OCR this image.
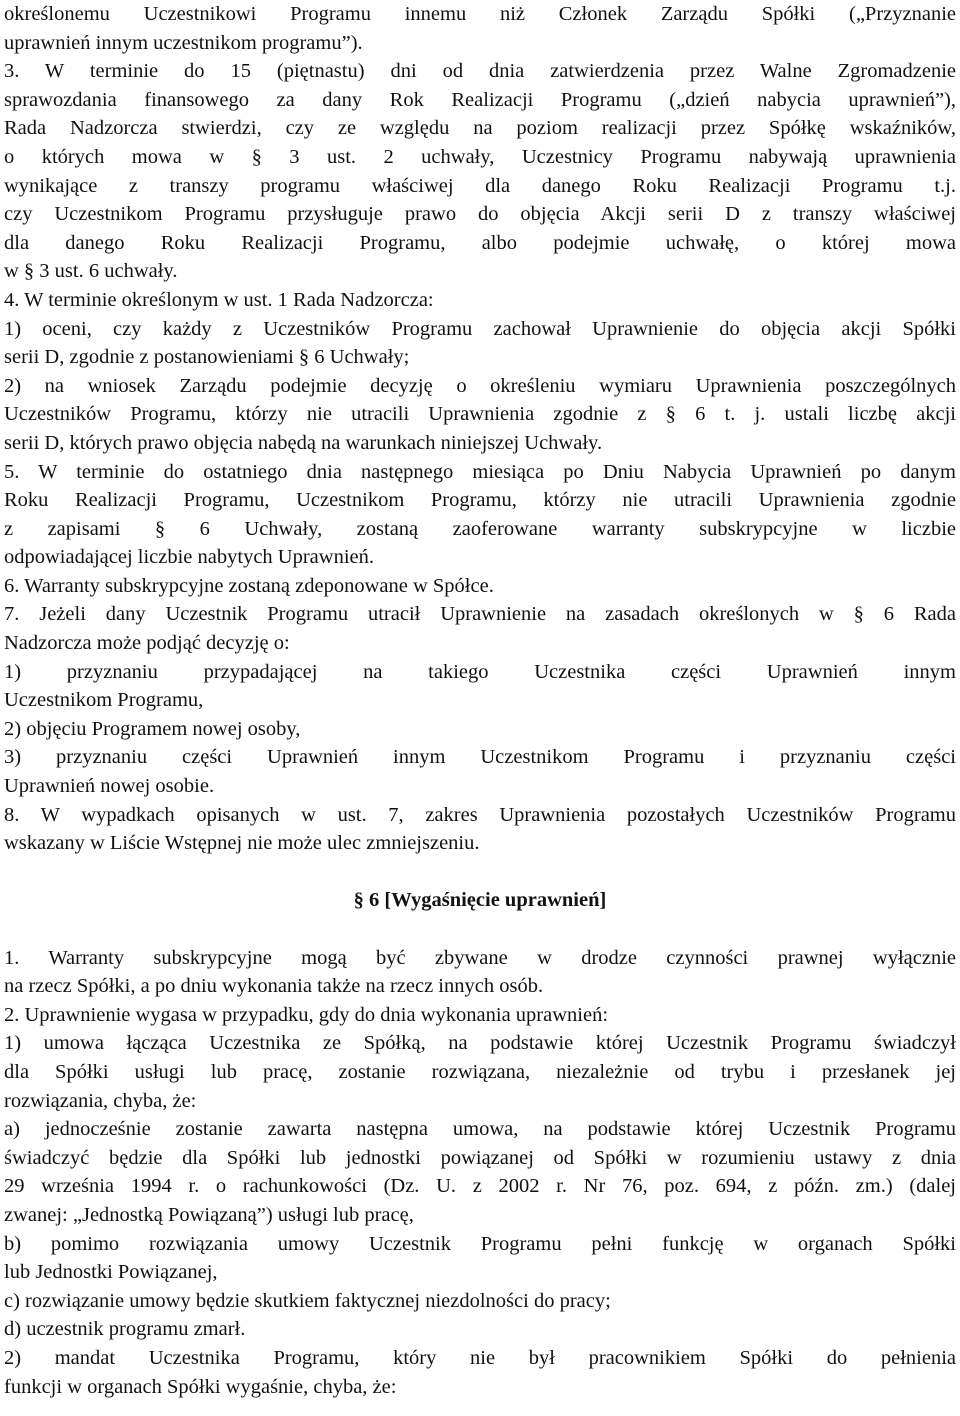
określonemu Uczestnikowi Programu innemu niż Członek Zarządu Spółki („Przyznanie
uprawnień innym uczestnikom programu”).
3. W terminie do 15 (piętnastu) dni od dnia zatwierdzenia przez Walne Zgromadzenie
sprawozdania finansowego za dany Rok Realizacji Programu („dzień nabycia uprawnień”),
Rada Nadzorcza stwierdzi, czy ze względu na poziom realizacji przez Spółkę wskaźników,
o których mowa w § 3 ust. 2 uchwały, Uczestnicy Programu nabywają uprawnienia
wynikające z transzy programu właściwej dla danego Roku Realizacji Programu t.j.
czy Uczestnikom Programu przysługuje prawo do objęcia Akcji serii D z transzy właściwej
dla danego Roku Realizacji Programu, albo podejmie uchwałę, o której mowa
w § 3 ust. 6 uchwały.
4. W terminie określonym w ust. 1 Rada Nadzorcza:
1) oceni, czy każdy z Uczestników Programu zachował Uprawnienie do objęcia akcji Spółki
serii D, zgodnie z postanowieniami § 6 Uchwały;
2) na wniosek Zarządu podejmie decyzję o określeniu wymiaru Uprawnienia poszczególnych
Uczestników Programu, którzy nie utracili Uprawnienia zgodnie z § 6 t. j. ustali liczbę akcji
serii D, których prawo objęcia nabędą na warunkach niniejszej Uchwały.
5. W terminie do ostatniego dnia następnego miesiąca po Dniu Nabycia Uprawnień po danym
Roku Realizacji Programu, Uczestnikom Programu, którzy nie utracili Uprawnienia zgodnie
z zapisami § 6 Uchwały, zostaną zaoferowane warranty subskrypcyjne w liczbie
odpowiadającej liczbie nabytych Uprawnień.
6. Warranty subskrypcyjne zostaną zdeponowane w Spółce.
7. Jeżeli dany Uczestnik Programu utracił Uprawnienie na zasadach określonych w § 6 Rada
Nadzorcza może podjąć decyzję o:
1) przyznaniu przypadającej na takiego Uczestnika części Uprawnień innym
Uczestnikom Programu,
2) objęciu Programem nowej osoby,
3) przyznaniu części Uprawnień innym Uczestnikom Programu i przyznaniu części
Uprawnień nowej osobie.
8. W wypadkach opisanych w ust. 7, zakres Uprawnienia pozostałych Uczestników Programu
wskazany w Liście Wstępnej nie może ulec zmniejszeniu.
§ 6 [Wygaśnięcie uprawnień]
1. Warranty subskrypcyjne mogą być zbywane w drodze czynności prawnej wyłącznie
na rzecz Spółki, a po dniu wykonania także na rzecz innych osób.
2. Uprawnienie wygasa w przypadku, gdy do dnia wykonania uprawnień:
1) umowa łącząca Uczestnika ze Spółką, na podstawie której Uczestnik Programu świadczył
dla Spółki usługi lub pracę, zostanie rozwiązana, niezależnie od trybu i przesłanek jej
rozwiązania, chyba, że:
a) jednocześnie zostanie zawarta następna umowa, na podstawie której Uczestnik Programu
świadczyć będzie dla Spółki lub jednostki powiązanej od Spółki w rozumieniu ustawy z dnia
29 września 1994 r. o rachunkowości (Dz. U. z 2002 r. Nr 76, poz. 694, z późn. zm.) (dalej
zwanej: „Jednostką Powiązaną”) usługi lub pracę,
b) pomimo rozwiązania umowy Uczestnik Programu pełni funkcję w organach Spółki
lub Jednostki Powiązanej,
c) rozwiązanie umowy będzie skutkiem faktycznej niezdolności do pracy;
d) uczestnik programu zmarł.
2) mandat Uczestnika Programu, który nie był pracownikiem Spółki do pełnienia
funkcji w organach Spółki wygaśnie, chyba, że:
